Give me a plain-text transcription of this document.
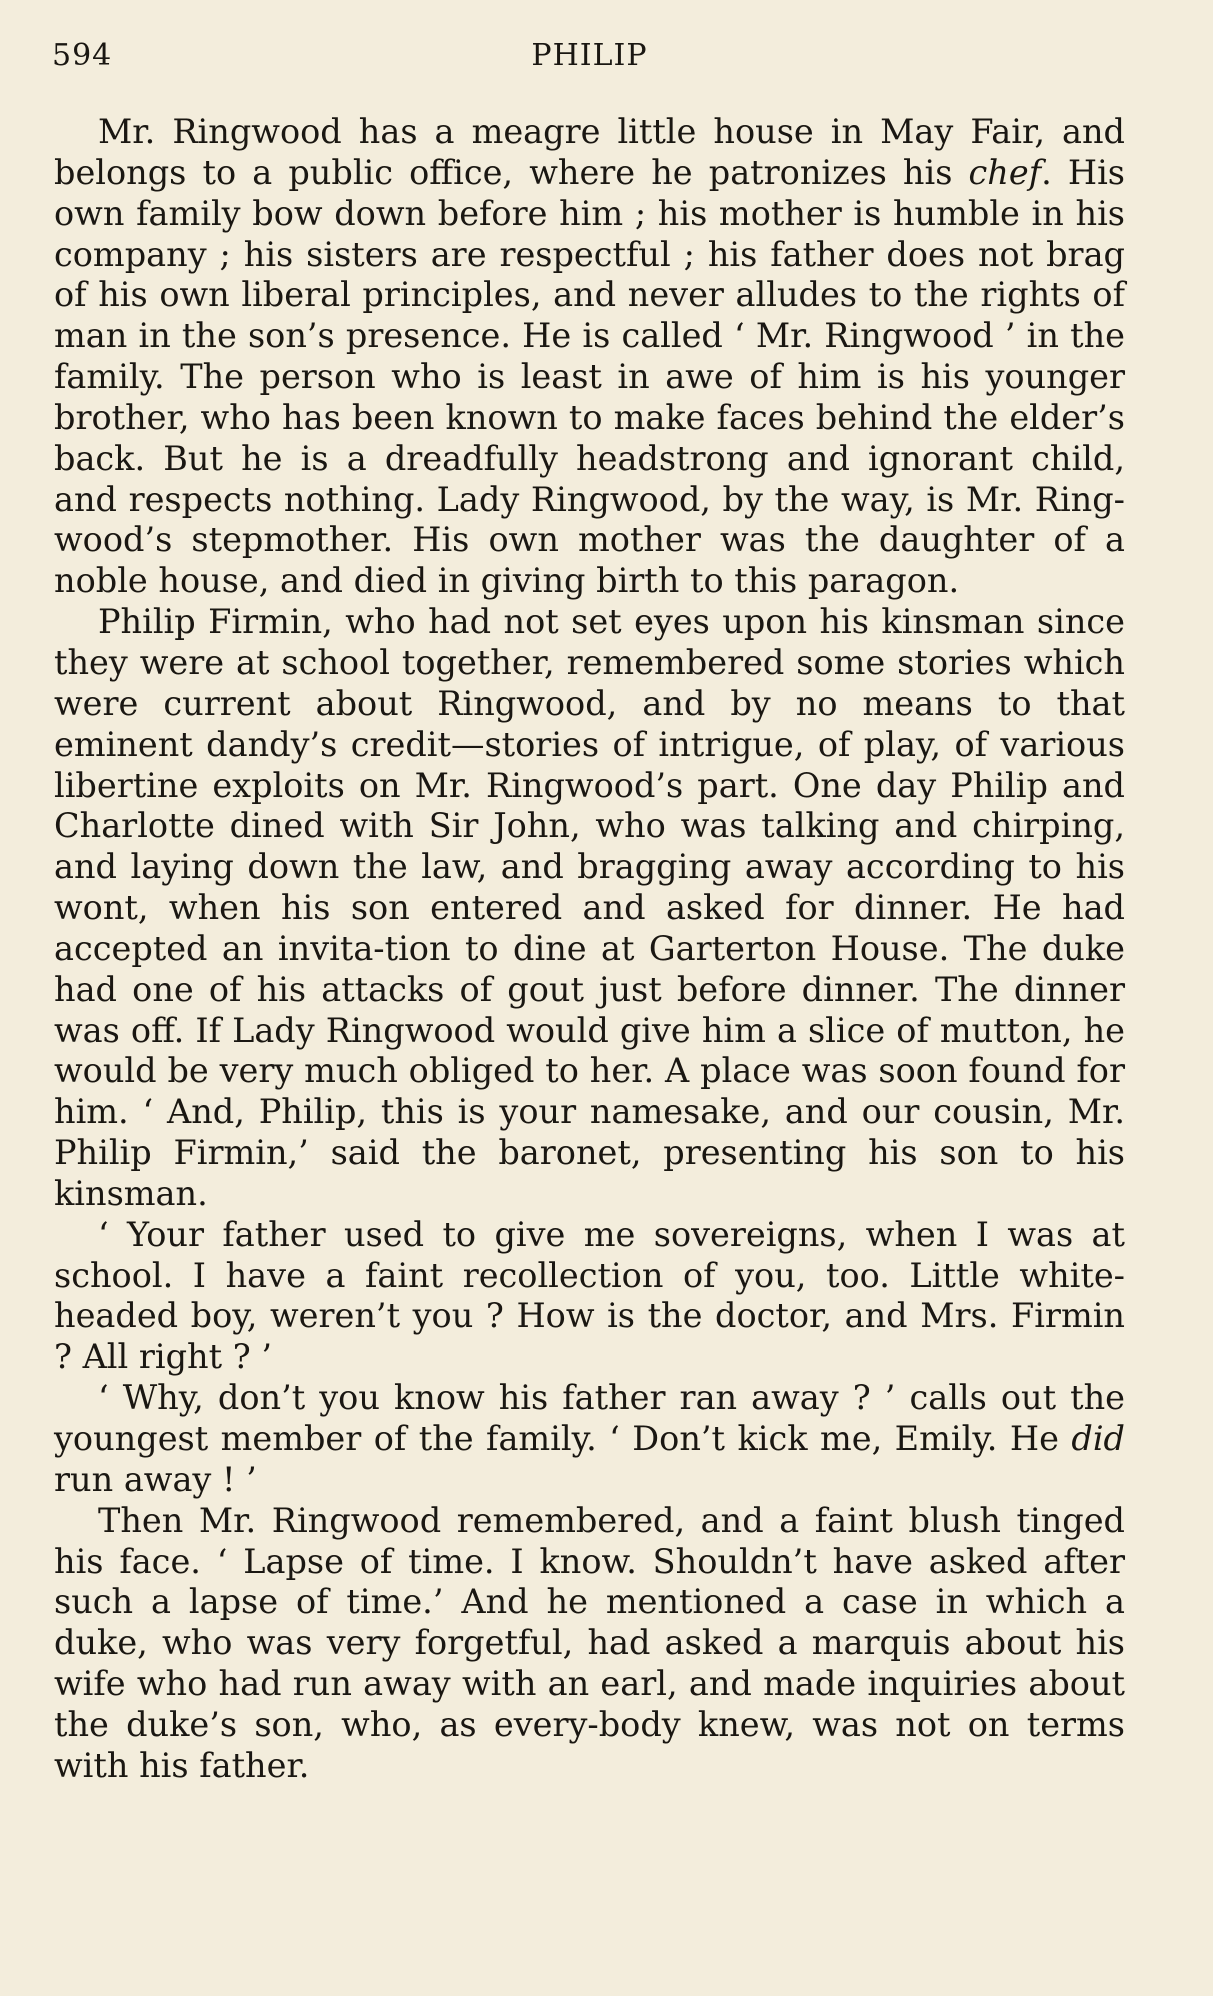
594	PHILIP

Mr. Ringwood has a meagre little house in May Fair, and belongs to a public office, where he patronizes his chef. His own family bow down before him ; his mother is humble in his company ; his sisters are respectful ; his father does not brag of his own liberal principles, and never alludes to the rights of man in the son’s presence. He is called ‘ Mr. Ringwood ’ in the family. The person who is least in awe of him is his younger brother, who has been known to make faces behind the elder’s back. But he is a dreadfully headstrong and ignorant child, and respects nothing. Lady Ringwood, by the way, is Mr. Ring-wood’s stepmother. His own mother was the daughter of a noble house, and died in giving birth to this paragon.

Philip Firmin, who had not set eyes upon his kinsman since they were at school together, remembered some stories which were current about Ringwood, and by no means to that eminent dandy’s credit—stories of intrigue, of play, of various libertine exploits on Mr. Ringwood’s part. One day Philip and Charlotte dined with Sir John, who was talking and chirping, and laying down the law, and bragging away according to his wont, when his son entered and asked for dinner. He had accepted an invita-tion to dine at Garterton House. The duke had one of his attacks of gout just before dinner. The dinner was off. If Lady Ringwood would give him a slice of mutton, he would be very much obliged to her. A place was soon found for him. ‘ And, Philip, this is your namesake, and our cousin, Mr. Philip Firmin,’ said the baronet, presenting his son to his kinsman.

‘ Your father used to give me sovereigns, when I was at school. I have a faint recollection of you, too. Little white-headed boy, weren’t you ? How is the doctor, and Mrs. Firmin ? All right ? ’

‘ Why, don’t you know his father ran away ? ’ calls out the youngest member of the family. ‘ Don’t kick me, Emily. He did run away ! ’

Then Mr. Ringwood remembered, and a faint blush tinged his face. ‘ Lapse of time. I know. Shouldn’t have asked after such a lapse of time.’ And he mentioned a case in which a duke, who was very forgetful, had asked a marquis about his wife who had run away with an earl, and made inquiries about the duke’s son, who, as every-body knew, was not on terms with his father.
